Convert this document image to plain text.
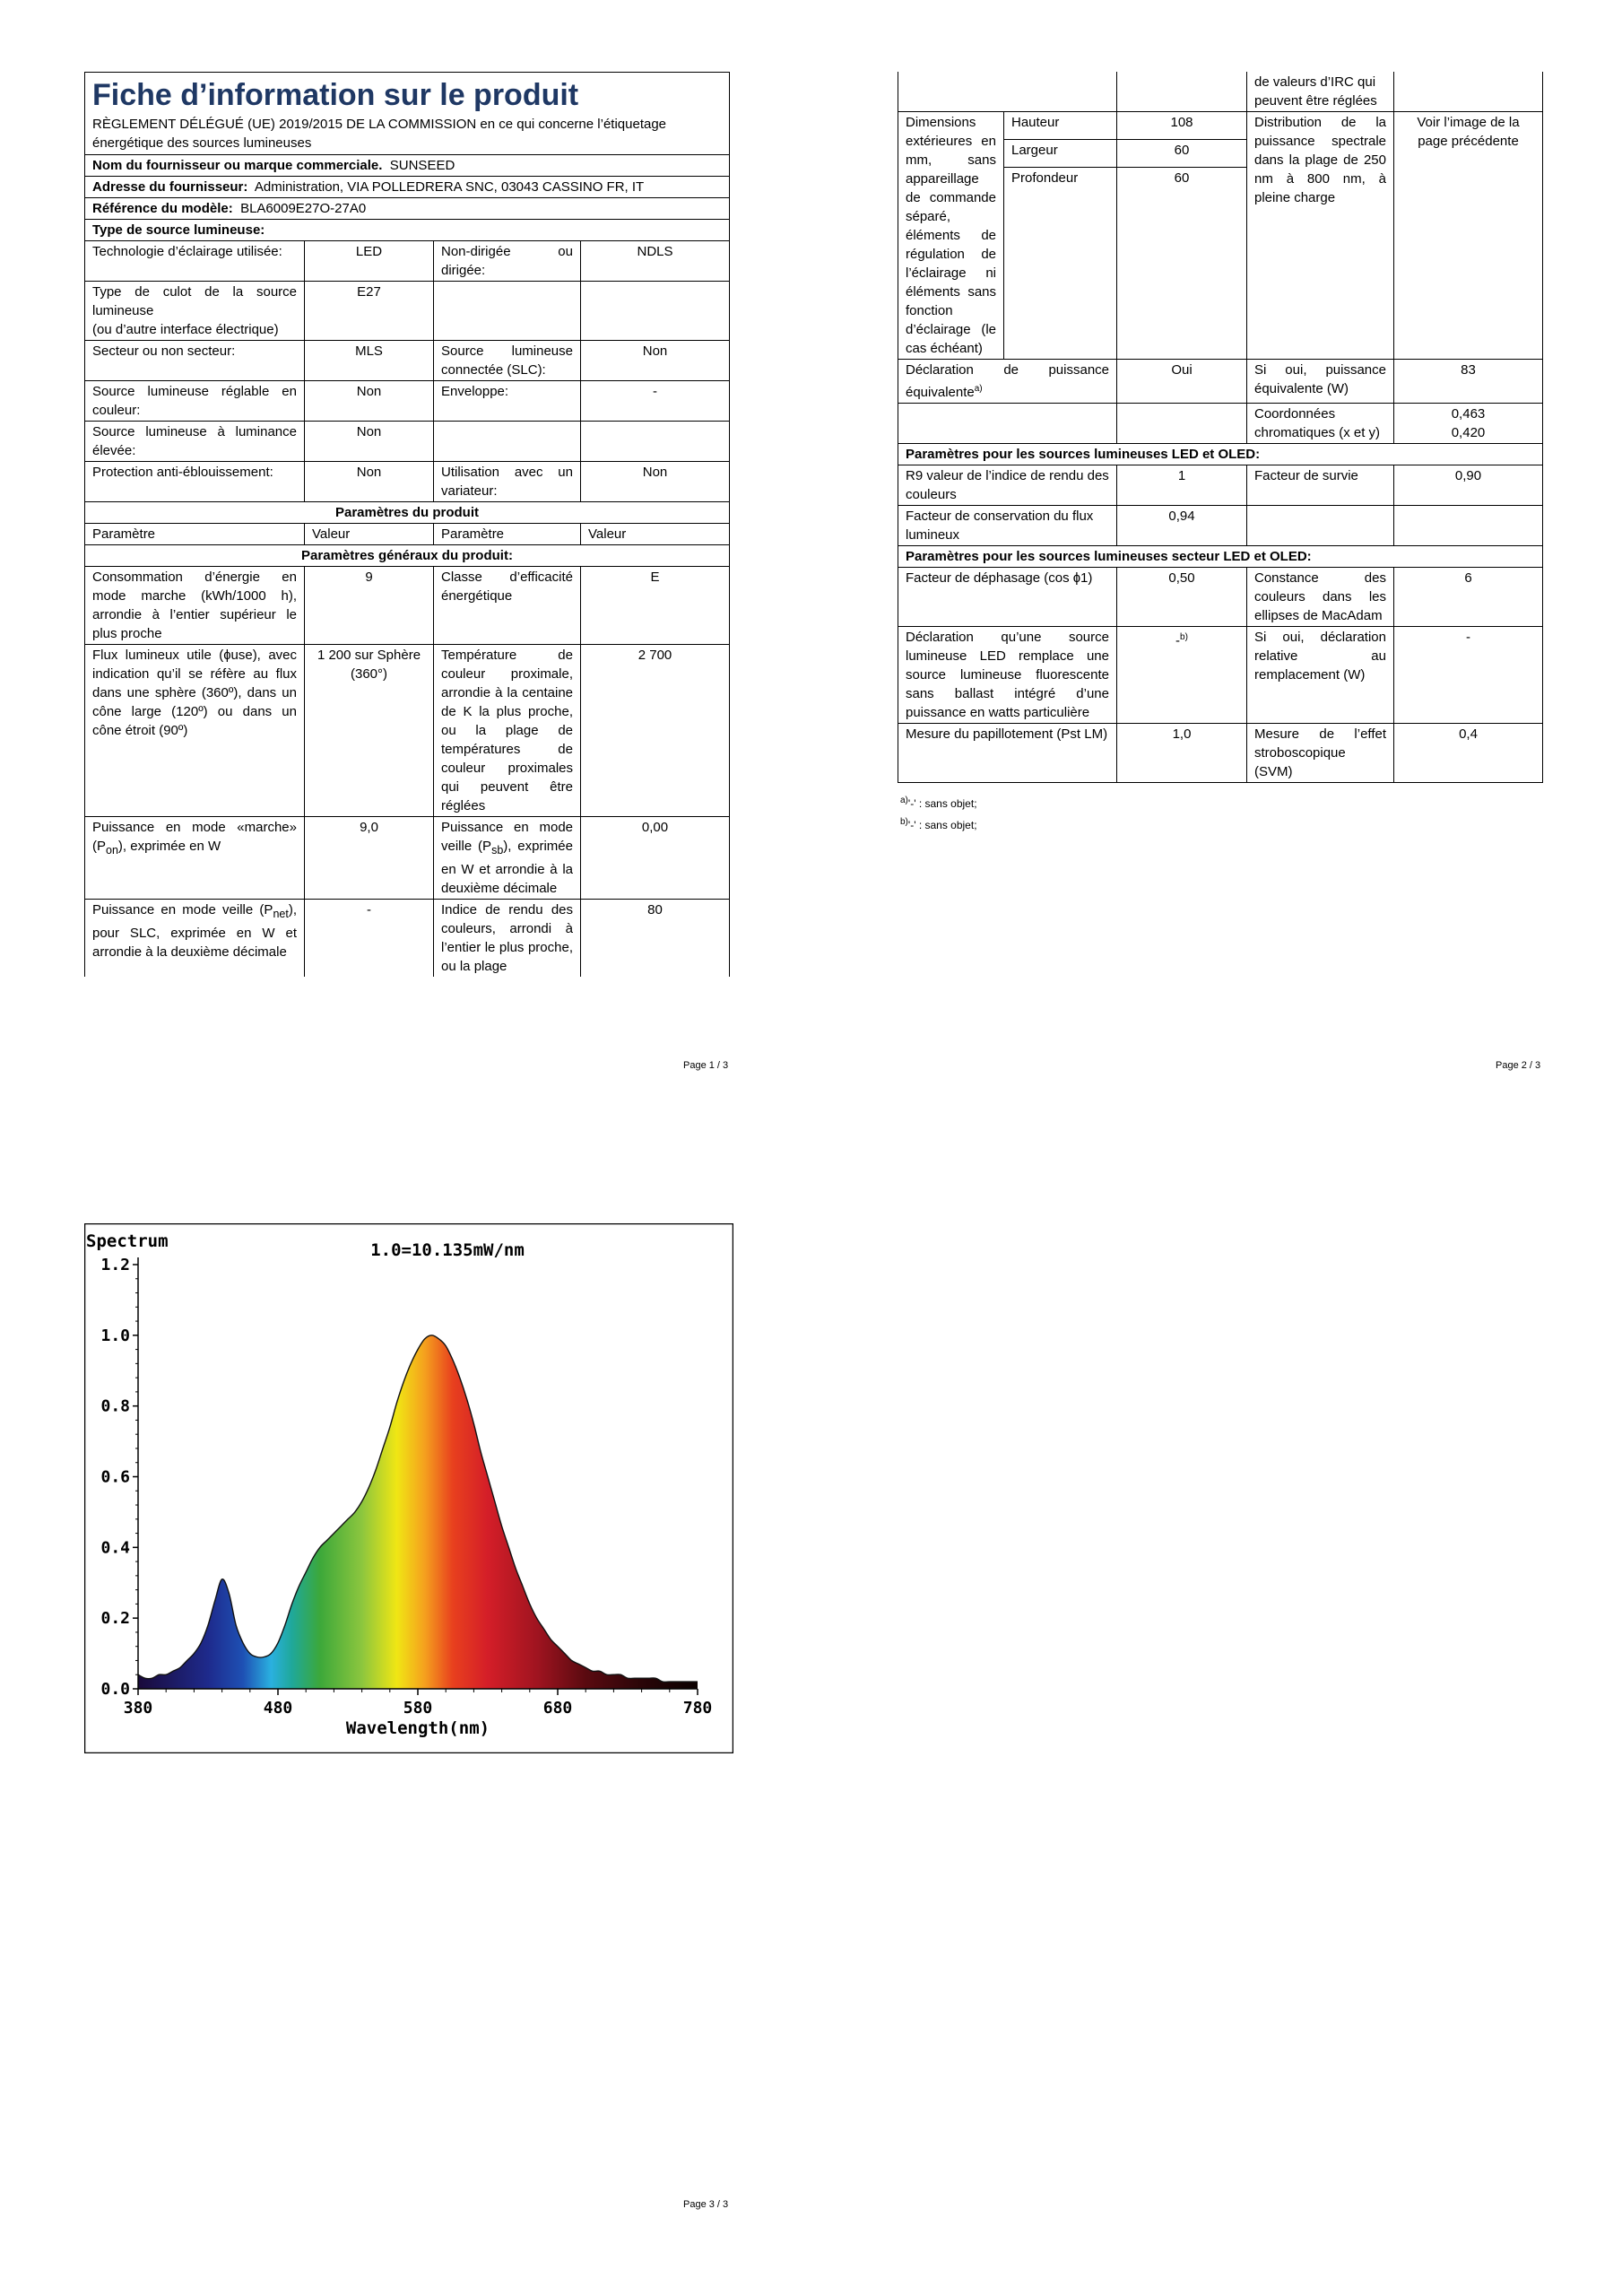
Fiche d’information sur le produit
RÈGLEMENT DÉLÉGUÉ (UE) 2019/2015 DE LA COMMISSION en ce qui concerne l’étiquetage énergétique des sources lumineuses			

Nom du fournisseur ou marque commerciale. SUNSEED			
Adresse du fournisseur: Administration, VIA POLLEDRERA SNC, 03043 CASSINO FR, IT			
Référence du modèle: BLA6009E27O-27A0			
Type de source lumineuse:			
Technologie d’éclairage utilisée:	LED	Non-dirigée ou dirigée:	NDLS

Type de culot de la source lumineuse
(ou d’autre interface électrique)	E27		
Secteur ou non secteur:	MLS	Source lumineuse connectée (SLC):	Non
Source lumineuse réglable en couleur:	Non	Enveloppe:	-
Source lumineuse à luminance élevée:	Non		
Protection anti-éblouissement:	Non	Utilisation avec un variateur:	Non
Paramètres du produit			
Paramètre	Valeur	Paramètre	Valeur
Paramètres généraux du produit:			
Consommation d’énergie en mode marche (kWh/1000 h), arrondie à l’entier supérieur le plus proche	9	Classe d’efficacité énergétique	E
Flux lumineux utile (ɸuse), avec indication qu’il se réfère au flux dans une sphère (360º), dans un cône large (120º) ou dans un cône étroit (90º)	1 200 sur Sphère (360°)	Température de couleur proximale, arrondie à la centaine de K la plus proche, ou la plage de températures de couleur proximales qui peuvent être réglées	2 700
Puissance en mode «marche» $(P_{on})$, exprimée en W	9,0	Puissance en mode veille $(P_{sb})$, exprimée en W et arrondie à la deuxième décimale	0,00
Puissance en mode veille $(P_{net})$, pour SLC, exprimée en W et arrondie à la deuxième décimale	-	Indice de rendu des couleurs, arrondi à l’entier le plus proche, ou la plage	80
Page 1 / 3
			de valeurs d’IRC qui peuvent être réglées	
Dimensions extérieures en mm, sans appareillage de commande séparé, éléments de régulation de l’éclairage ni éléments sans fonction d’éclairage (le cas échéant)	Hauteur	108	Distribution de la puissance spectrale dans la plage de 250 nm à 800 nm, à pleine charge	Voir l’image de la page précédente
	Largeur	60		
	Profondeur	60		
Déclaration de puissance équivalente$^{a)}$		Oui	Si oui, puissance équivalente (W)	83
			Coordonnées chromatiques (x et y)	0,463
0,420

Paramètres pour les sources lumineuses LED et OLED:				
R9 valeur de l’indice de rendu des couleurs		1	Facteur de survie	0,90
Facteur de conservation du flux lumineux		0,94		
Paramètres pour les sources lumineuses secteur LED et OLED:				
Facteur de déphasage (cos ɸ1)		0,50	Constance des couleurs dans les ellipses de MacAdam	6
Déclaration qu’une source lumineuse LED remplace une source lumineuse fluorescente sans ballast intégré d’une puissance en watts particulière		-$^{b)}$	Si oui, déclaration relative au remplacement (W)	-
Mesure du papillotement (Pst LM)		1,0	Mesure de l’effet stroboscopique (SVM)	0,4
$^{a)}$'-' : sans objet;
$^{b)}$'-' : sans objet;
Page 2 / 3
0.0
0.2
0.4
0.6
0.8
1.0
1.2
380	480	580	680	780
Spectrum	1.0=10.135mW/nm
Wavelength(nm)
Page 3 / 3
